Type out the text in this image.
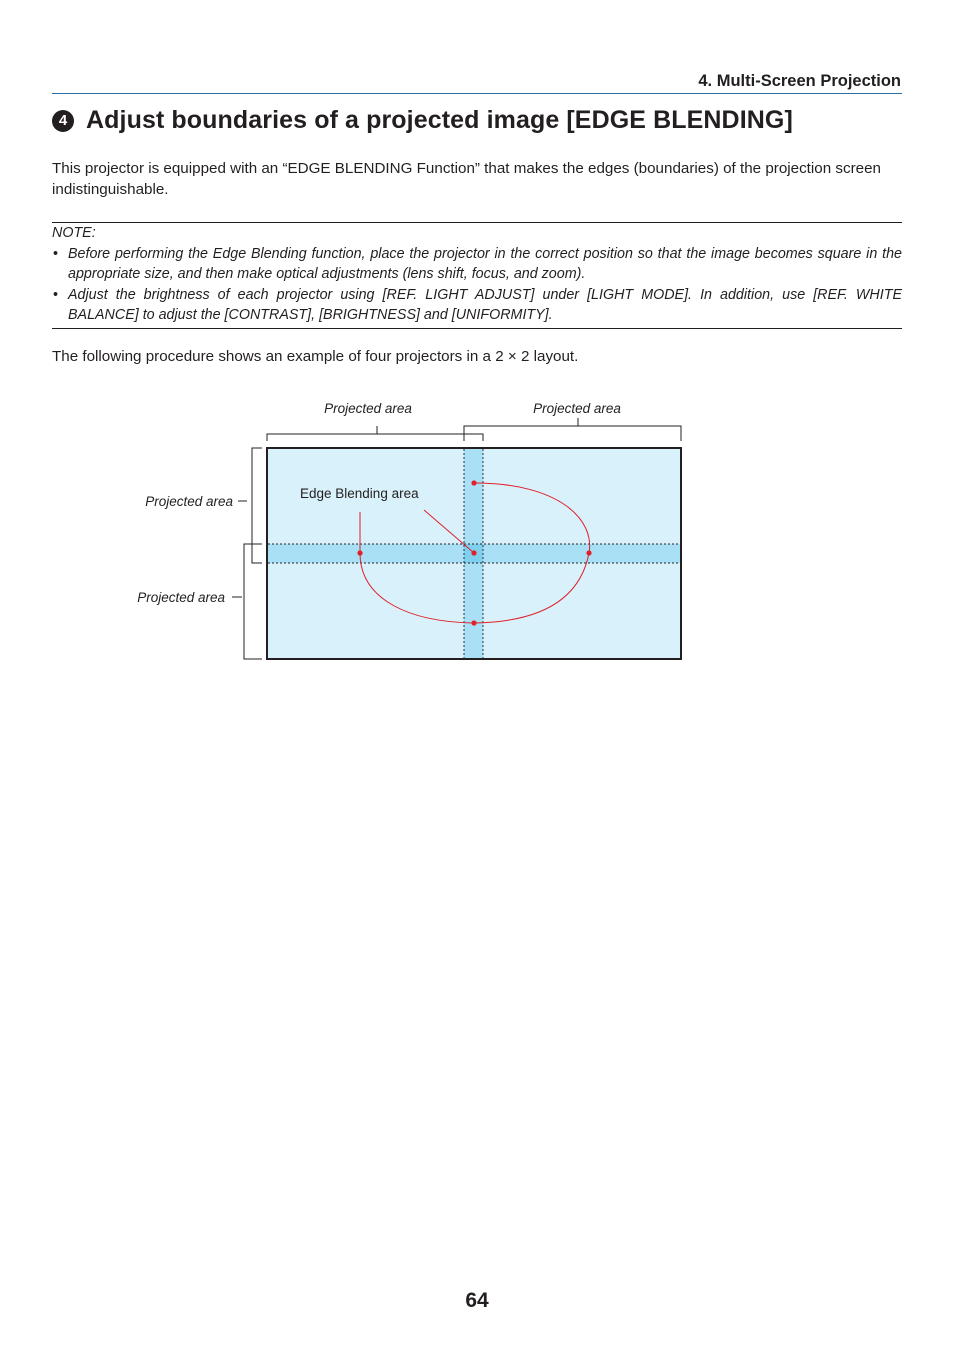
4. Multi-Screen Projection
4 Adjust boundaries of a projected image [EDGE BLENDING]
This projector is equipped with an “EDGE BLENDING Function” that makes the edges (boundaries) of the projection screen indistinguishable.
NOTE:
• Before performing the Edge Blending function, place the projector in the correct position so that the image becomes square in the appropriate size, and then make optical adjustments (lens shift, focus, and zoom).
• Adjust the brightness of each projector using [REF. LIGHT ADJUST] under [LIGHT MODE]. In addition, use [REF. WHITE BALANCE] to adjust the [CONTRAST], [BRIGHTNESS] and [UNIFORMITY].
The following procedure shows an example of four projectors in a 2 × 2 layout.
Projected area	Projected area
Projected area
Projected area
Edge Blending area
64
